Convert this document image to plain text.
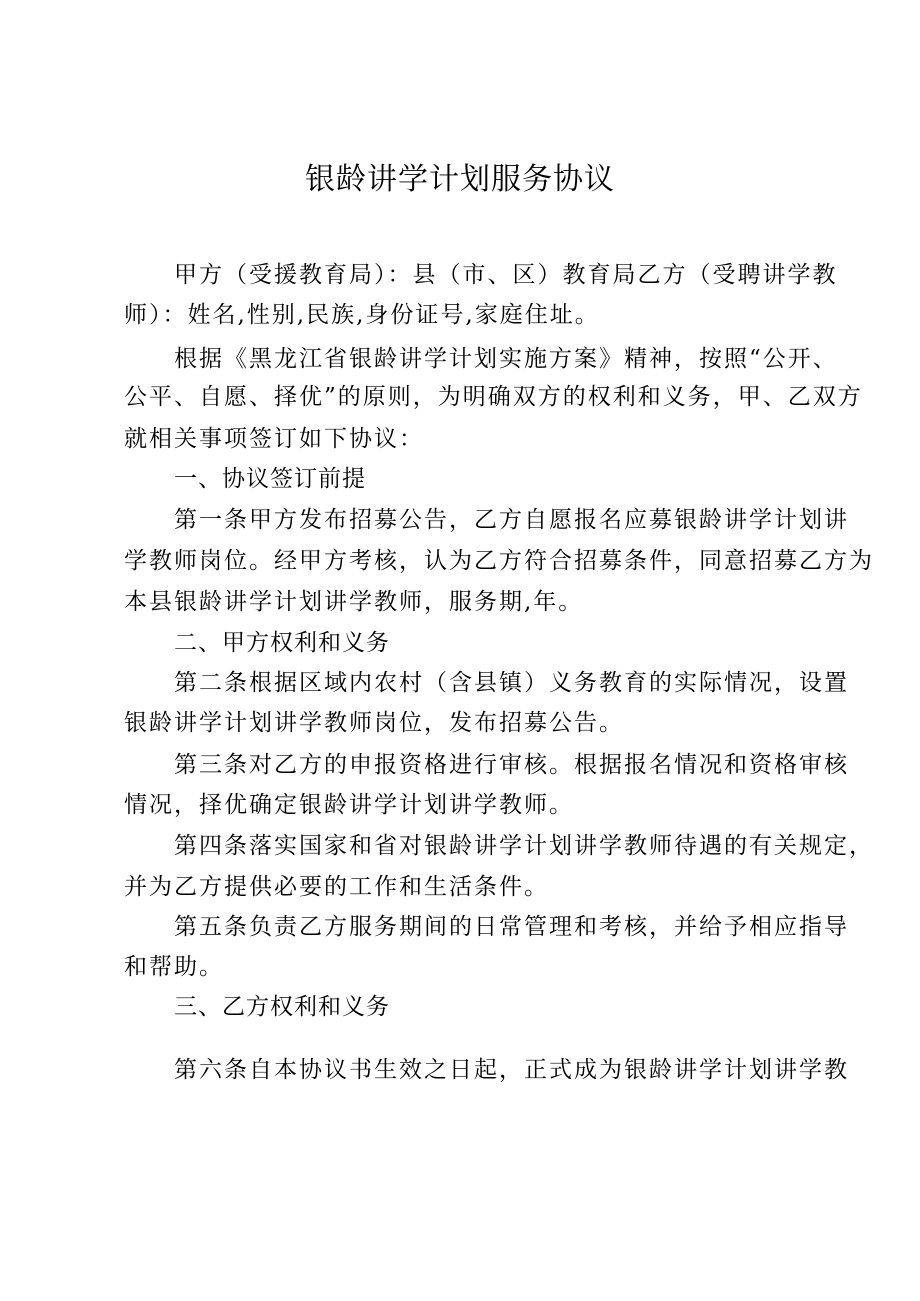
银龄讲学计划服务协议
甲方（受援教育局）：县（市、区）教育局乙方（受聘讲学教
师）：姓名,性别,民族,身份证号,家庭住址。
根据《黑龙江省银龄讲学计划实施方案》精神，按照“公开、
公平、自愿、择优”的原则，为明确双方的权利和义务，甲、乙双方
就相关事项签订如下协议：
一、协议签订前提
第一条甲方发布招募公告，乙方自愿报名应募银龄讲学计划讲
学教师岗位。经甲方考核，认为乙方符合招募条件，同意招募乙方为
本县银龄讲学计划讲学教师，服务期,年。
二、甲方权利和义务
第二条根据区域内农村（含县镇）义务教育的实际情况，设置
银龄讲学计划讲学教师岗位，发布招募公告。
第三条对乙方的申报资格进行审核。根据报名情况和资格审核
情况，择优确定银龄讲学计划讲学教师。
第四条落实国家和省对银龄讲学计划讲学教师待遇的有关规定，
并为乙方提供必要的工作和生活条件。
第五条负责乙方服务期间的日常管理和考核，并给予相应指导
和帮助。
三、乙方权利和义务
第六条自本协议书生效之日起，正式成为银龄讲学计划讲学教
